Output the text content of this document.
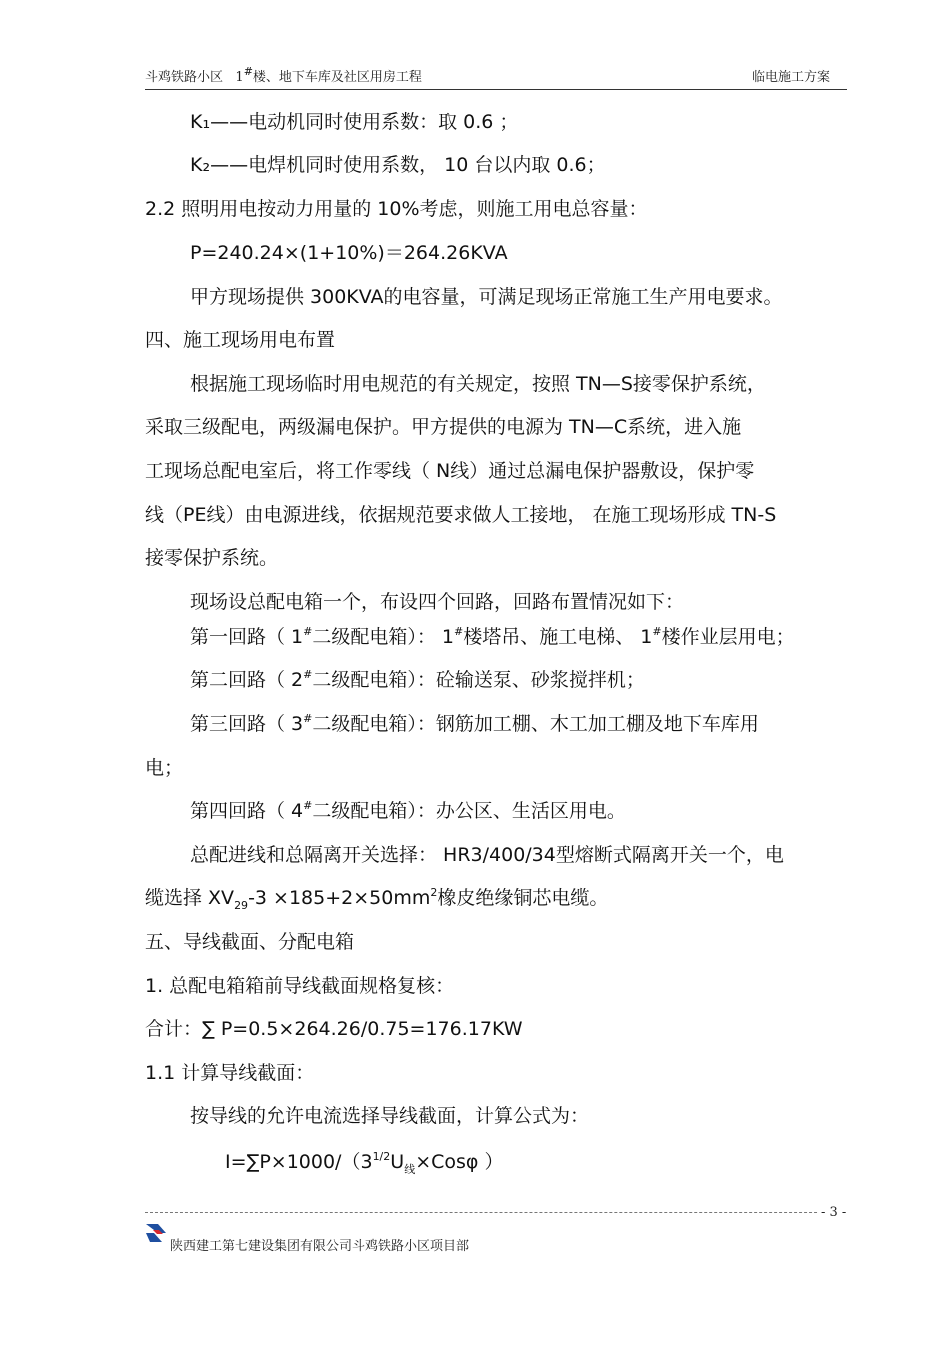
斗鸡铁路小区 1#楼、地下车库及社区用房工程	临电施工方案
K₁——电动机同时使用系数：取 0.6 ；
K₂——电焊机同时使用系数， 10 台以内取 0.6；
2.2 照明用电按动力用量的 10%考虑，则施工用电总容量：
P=240.24×(1+10%)＝264.26KVA
甲方现场提供 300KVA的电容量，可满足现场正常施工生产用电要求。
四、施工现场用电布置
根据施工现场临时用电规范的有关规定，按照 TN—S接零保护系统，
采取三级配电，两级漏电保护。甲方提供的电源为 TN—C系统，进入施
工现场总配电室后，将工作零线（ N线）通过总漏电保护器敷设，保护零
线（PE线）由电源进线，依据规范要求做人工接地， 在施工现场形成 TN-S
接零保护系统。
现场设总配电箱一个，布设四个回路，回路布置情况如下：
第一回路（ 1#二级配电箱）： 1#楼塔吊、施工电梯、 1#楼作业层用电；
第二回路（ 2#二级配电箱）：砼输送泵、砂浆搅拌机；
第三回路（ 3#二级配电箱）：钢筋加工棚、木工加工棚及地下车库用
电；
第四回路（ 4#二级配电箱）：办公区、生活区用电。
总配进线和总隔离开关选择： HR3/400/34型熔断式隔离开关一个，电
缆选择 $XV_{29}-3 \times 185+2\times 50mm^2$橡皮绝缘铜芯电缆。
五、导线截面、分配电箱
1. 总配电箱箱前导线截面规格复核：
合计：∑ P=0.5×264.26/0.75=176.17KW
1.1 计算导线截面：
按导线的允许电流选择导线截面，计算公式为：
$I=\sum P\times 1000/(3^{1/2}U_线\times Cos\varphi$ ）
- 3 -
陕西建工第七建设集团有限公司斗鸡铁路小区项目部
